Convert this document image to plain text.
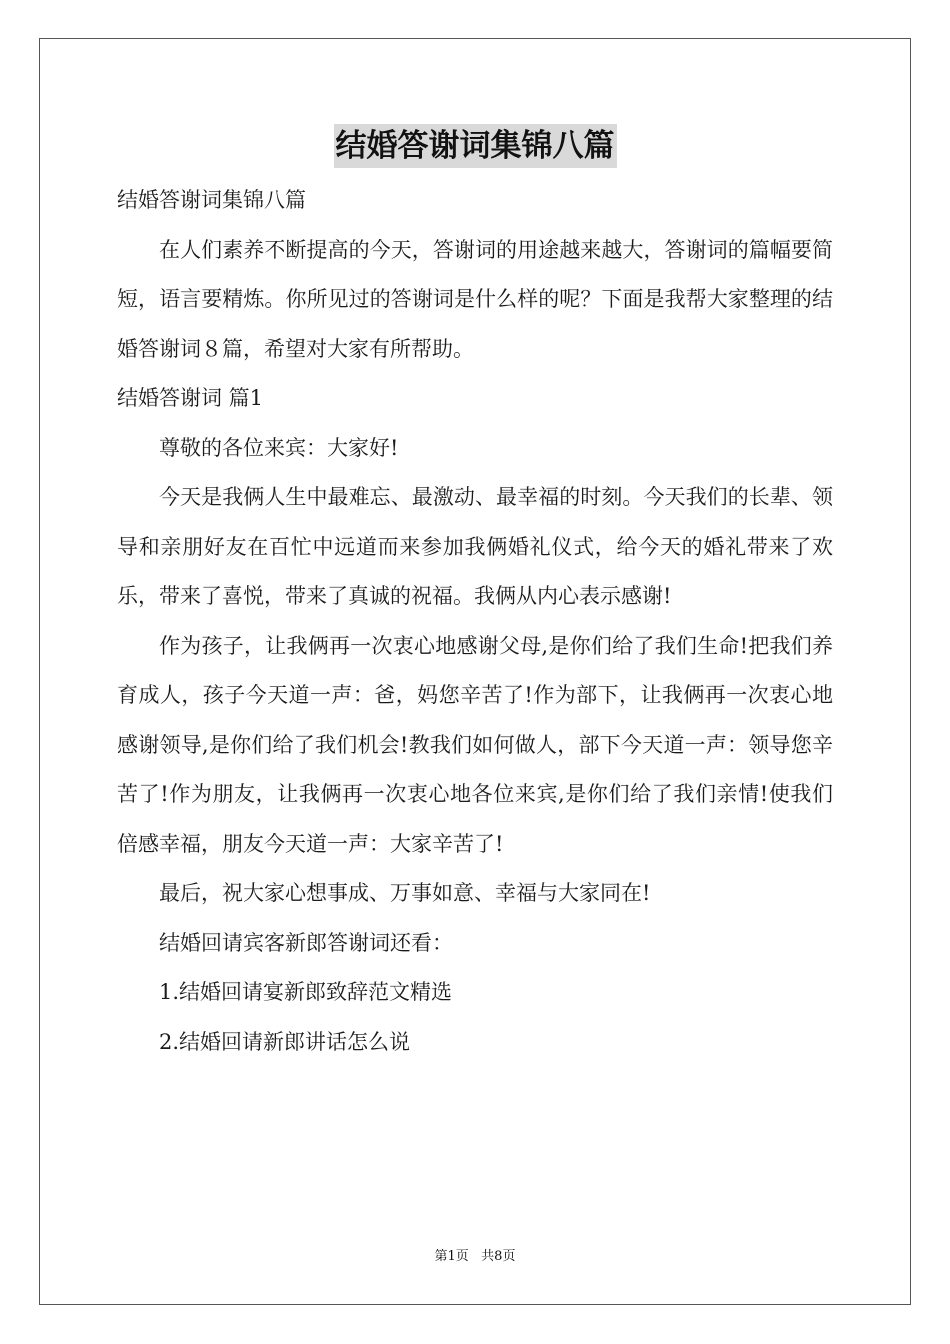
结婚答谢词集锦八篇

结婚答谢词集锦八篇

在人们素养不断提高的今天，答谢词的用途越来越大，答谢词的篇幅要简短，语言要精炼。你所见过的答谢词是什么样的呢？下面是我帮大家整理的结婚答谢词８篇，希望对大家有所帮助。

结婚答谢词 篇1

尊敬的各位来宾：大家好!

今天是我俩人生中最难忘、最激动、最幸福的时刻。今天我们的长辈、领导和亲朋好友在百忙中远道而来参加我俩婚礼仪式，给今天的婚礼带来了欢乐，带来了喜悦，带来了真诚的祝福。我俩从内心表示感谢!

作为孩子，让我俩再一次衷心地感谢父母,是你们给了我们生命!把我们养育成人，孩子今天道一声：爸，妈您辛苦了!作为部下，让我俩再一次衷心地感谢领导,是你们给了我们机会!教我们如何做人，部下今天道一声：领导您辛苦了!作为朋友，让我俩再一次衷心地各位来宾,是你们给了我们亲情!使我们倍感幸福，朋友今天道一声：大家辛苦了!

最后，祝大家心想事成、万事如意、幸福与大家同在!

结婚回请宾客新郎答谢词还看：

1.结婚回请宴新郎致辞范文精选

2.结婚回请新郎讲话怎么说

第1页   共8页
